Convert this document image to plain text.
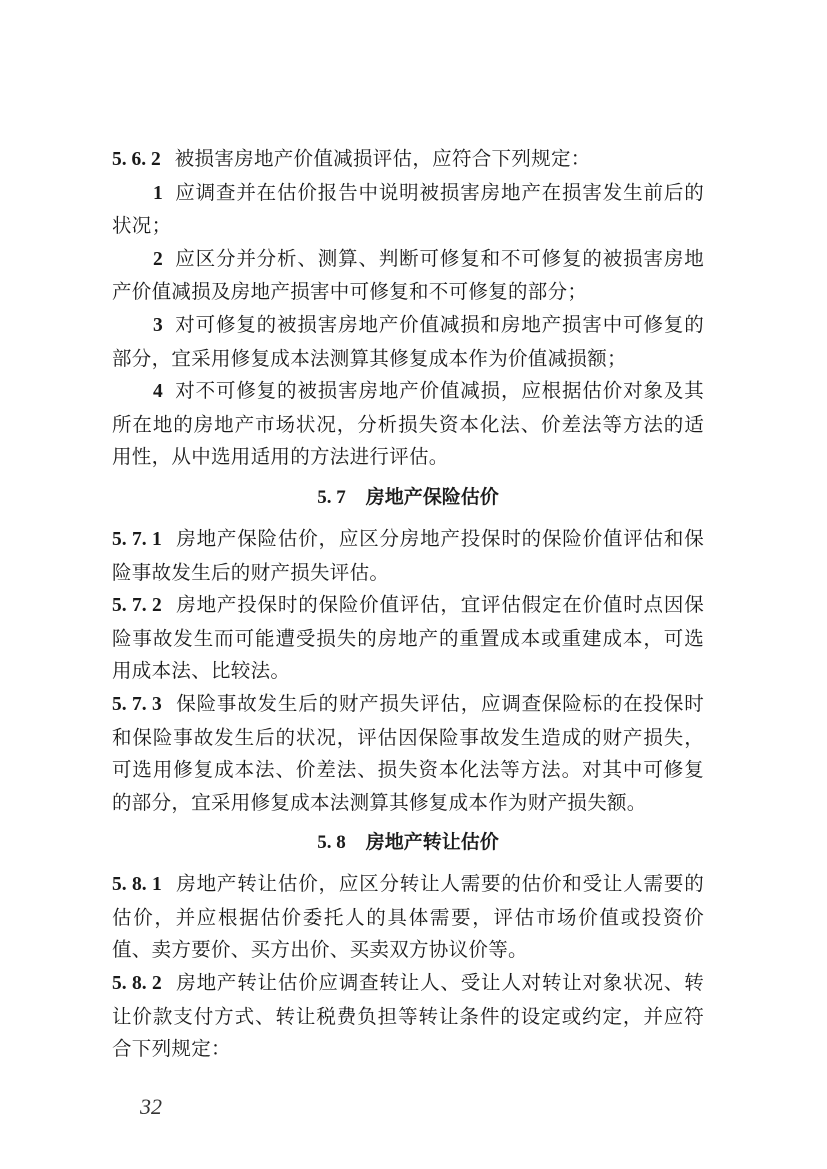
5. 6. 2 被损害房地产价值减损评估，应符合下列规定：

1 应调查并在估价报告中说明被损害房地产在损害发生前后的状况；

2 应区分并分析、测算、判断可修复和不可修复的被损害房地产价值减损及房地产损害中可修复和不可修复的部分；

3 对可修复的被损害房地产价值减损和房地产损害中可修复的部分，宜采用修复成本法测算其修复成本作为价值减损额；

4 对不可修复的被损害房地产价值减损，应根据估价对象及其所在地的房地产市场状况，分析损失资本化法、价差法等方法的适用性，从中选用适用的方法进行评估。

5. 7 房地产保险估价

5. 7. 1 房地产保险估价，应区分房地产投保时的保险价值评估和保险事故发生后的财产损失评估。

5. 7. 2 房地产投保时的保险价值评估，宜评估假定在价值时点因保险事故发生而可能遭受损失的房地产的重置成本或重建成本，可选用成本法、比较法。

5. 7. 3 保险事故发生后的财产损失评估，应调查保险标的在投保时和保险事故发生后的状况，评估因保险事故发生造成的财产损失，可选用修复成本法、价差法、损失资本化法等方法。对其中可修复的部分，宜采用修复成本法测算其修复成本作为财产损失额。

5. 8 房地产转让估价

5. 8. 1 房地产转让估价，应区分转让人需要的估价和受让人需要的估价，并应根据估价委托人的具体需要，评估市场价值或投资价值、卖方要价、买方出价、买卖双方协议价等。

5. 8. 2 房地产转让估价应调查转让人、受让人对转让对象状况、转让价款支付方式、转让税费负担等转让条件的设定或约定，并应符合下列规定：

32
